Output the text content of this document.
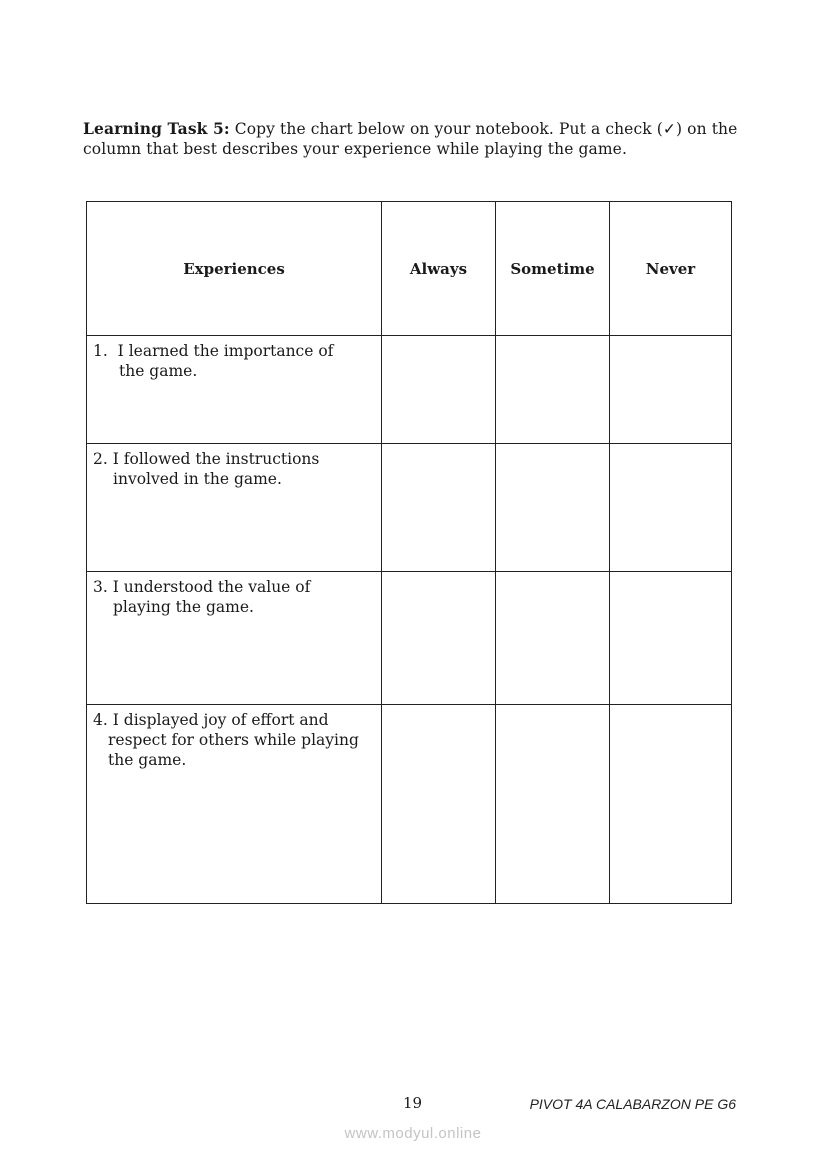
Learning Task 5: Copy the chart below on your notebook. Put a check (✓) on the column that best describes your experience while playing the game.
Experiences	Always	Sometime	Never

1.  I learned the importance of
the game.			

2. I followed the instructions
involved in the game.			

3. I understood the value of
playing the game.			

4. I displayed joy of effort and
respect for others while playing
the game.			

19	PIVOT 4A CALABARZON PE G6
www.modyul.online
